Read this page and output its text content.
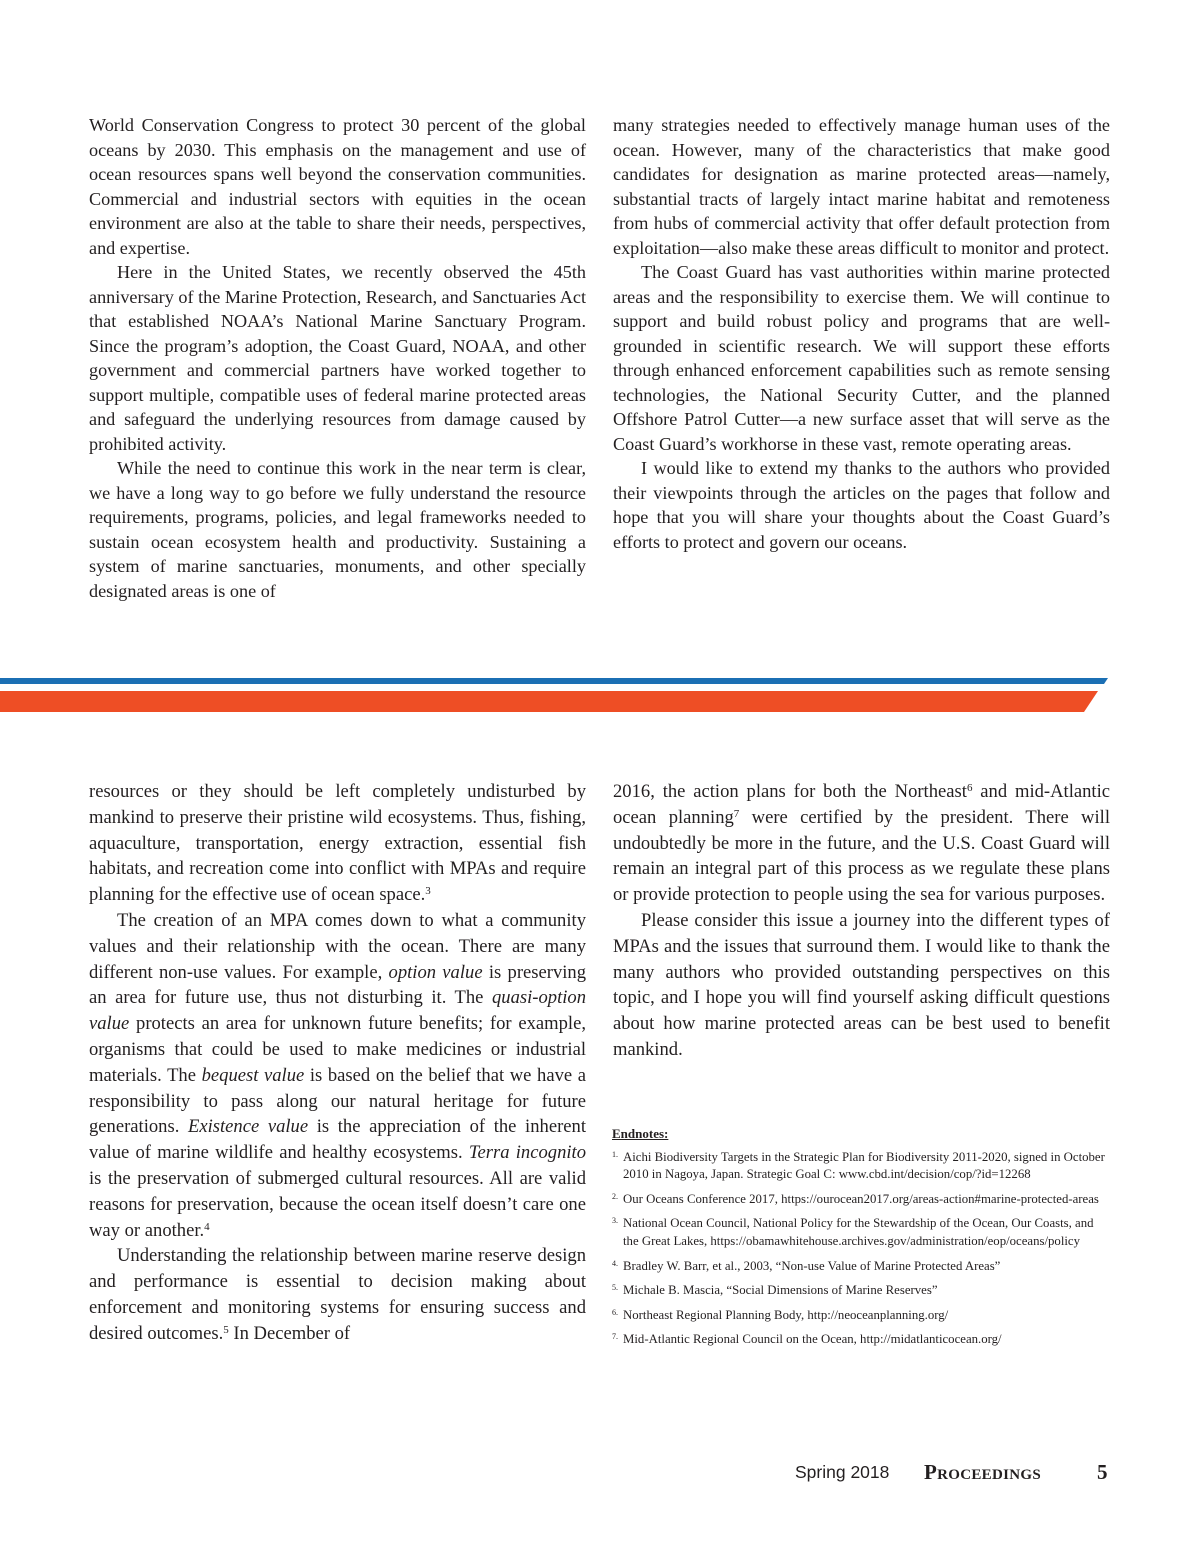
World Conservation Congress to protect 30 percent of the global oceans by 2030. This emphasis on the management and use of ocean resources spans well beyond the conservation communities. Commercial and industrial sectors with equities in the ocean environment are also at the table to share their needs, perspectives, and expertise.

Here in the United States, we recently observed the 45th anniversary of the Marine Protection, Research, and Sanctuaries Act that established NOAA’s National Marine Sanctuary Program. Since the program’s adoption, the Coast Guard, NOAA, and other government and commercial partners have worked together to support multiple, compatible uses of federal marine protected areas and safeguard the underlying resources from damage caused by prohibited activity.

While the need to continue this work in the near term is clear, we have a long way to go before we fully understand the resource requirements, programs, policies, and legal frameworks needed to sustain ocean ecosystem health and productivity. Sustaining a system of marine sanctuaries, monuments, and other specially designated areas is one of

many strategies needed to effectively manage human uses of the ocean. However, many of the characteristics that make good candidates for designation as marine protected areas—namely, substantial tracts of largely intact marine habitat and remoteness from hubs of commercial activity that offer default protection from exploitation—also make these areas difficult to monitor and protect.

The Coast Guard has vast authorities within marine protected areas and the responsibility to exercise them. We will continue to support and build robust policy and programs that are well-grounded in scientific research. We will support these efforts through enhanced enforcement capabilities such as remote sensing technologies, the National Security Cutter, and the planned Offshore Patrol Cutter—a new surface asset that will serve as the Coast Guard’s workhorse in these vast, remote operating areas.

I would like to extend my thanks to the authors who provided their viewpoints through the articles on the pages that follow and hope that you will share your thoughts about the Coast Guard’s efforts to protect and govern our oceans.

resources or they should be left completely undisturbed by mankind to preserve their pristine wild ecosystems. Thus, fishing, aquaculture, transportation, energy extraction, essential fish habitats, and recreation come into conflict with MPAs and require planning for the effective use of ocean space.$^3$

The creation of an MPA comes down to what a community values and their relationship with the ocean. There are many different non-use values. For example, option value is preserving an area for future use, thus not disturbing it. The quasi-option value protects an area for unknown future benefits; for example, organisms that could be used to make medicines or industrial materials. The bequest value is based on the belief that we have a responsibility to pass along our natural heritage for future generations. Existence value is the appreciation of the inherent value of marine wildlife and healthy ecosystems. Terra incognito is the preservation of submerged cultural resources. All are valid reasons for preservation, because the ocean itself doesn’t care one way or another.$^4$

Understanding the relationship between marine reserve design and performance is essential to decision making about enforcement and monitoring systems for ensuring success and desired outcomes.$^5$ In December of

2016, the action plans for both the Northeast$^6$ and mid-Atlantic ocean planning$^7$ were certified by the president. There will undoubtedly be more in the future, and the U.S. Coast Guard will remain an integral part of this process as we regulate these plans or provide protection to people using the sea for various purposes.

Please consider this issue a journey into the different types of MPAs and the issues that surround them. I would like to thank the many authors who provided outstanding perspectives on this topic, and I hope you will find yourself asking difficult questions about how marine protected areas can be best used to benefit mankind.

Endnotes:
1. Aichi Biodiversity Targets in the Strategic Plan for Biodiversity 2011-2020, signed in October 2010 in Nagoya, Japan. Strategic Goal C: www.cbd.int/decision/cop/?id=12268
2. Our Oceans Conference 2017, https://ourocean2017.org/areas-action#marine-protected-areas
3. National Ocean Council, National Policy for the Stewardship of the Ocean, Our Coasts, and the Great Lakes, https://obamawhitehouse.archives.gov/administration/eop/oceans/policy
4. Bradley W. Barr, et al., 2003, “Non-use Value of Marine Protected Areas”
5. Michale B. Mascia, “Social Dimensions of Marine Reserves”
6. Northeast Regional Planning Body, http://neoceanplanning.org/
7. Mid-Atlantic Regional Council on the Ocean, http://midatlanticocean.org/
Spring 2018 Proceedings	5
